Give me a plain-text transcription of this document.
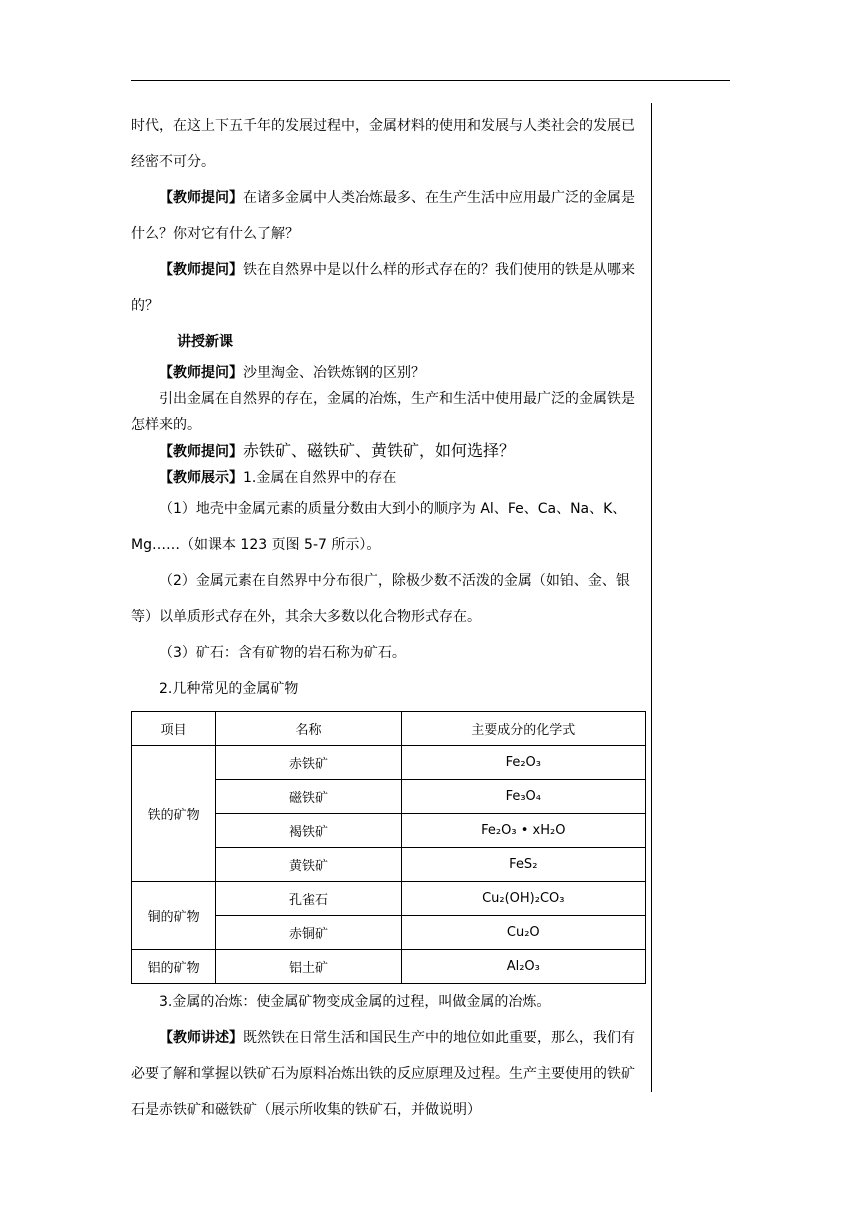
时代，在这上下五千年的发展过程中，金属材料的使用和发展与人类社会的发展已经密不可分。

【教师提问】在诸多金属中人类冶炼最多、在生产生活中应用最广泛的金属是什么？你对它有什么了解？

【教师提问】铁在自然界中是以什么样的形式存在的？我们使用的铁是从哪来的？

讲授新课

【教师提问】沙里淘金、冶铁炼钢的区别？

引出金属在自然界的存在，金属的冶炼，生产和生活中使用最广泛的金属铁是怎样来的。

【教师提问】赤铁矿、磁铁矿、黄铁矿，如何选择？

【教师展示】1.金属在自然界中的存在

（1）地壳中金属元素的质量分数由大到小的顺序为 Al、Fe、Ca、Na、K、Mg……（如课本 123 页图 5-7 所示）。

（2）金属元素在自然界中分布很广，除极少数不活泼的金属（如铂、金、银等）以单质形式存在外，其余大多数以化合物形式存在。

（3）矿石：含有矿物的岩石称为矿石。

2.几种常见的金属矿物

项目	名称	主要成分的化学式
铁的矿物	赤铁矿	Fe₂O₃
	磁铁矿	Fe₃O₄
	褐铁矿	Fe₂O₃ • xH₂O
	黄铁矿	FeS₂
铜的矿物	孔雀石	Cu₂(OH)₂CO₃
	赤铜矿	Cu₂O
铝的矿物	铝土矿	Al₂O₃

3.金属的冶炼：使金属矿物变成金属的过程，叫做金属的冶炼。

【教师讲述】既然铁在日常生活和国民生产中的地位如此重要，那么，我们有必要了解和掌握以铁矿石为原料冶炼出铁的反应原理及过程。生产主要使用的铁矿石是赤铁矿和磁铁矿（展示所收集的铁矿石，并做说明）
